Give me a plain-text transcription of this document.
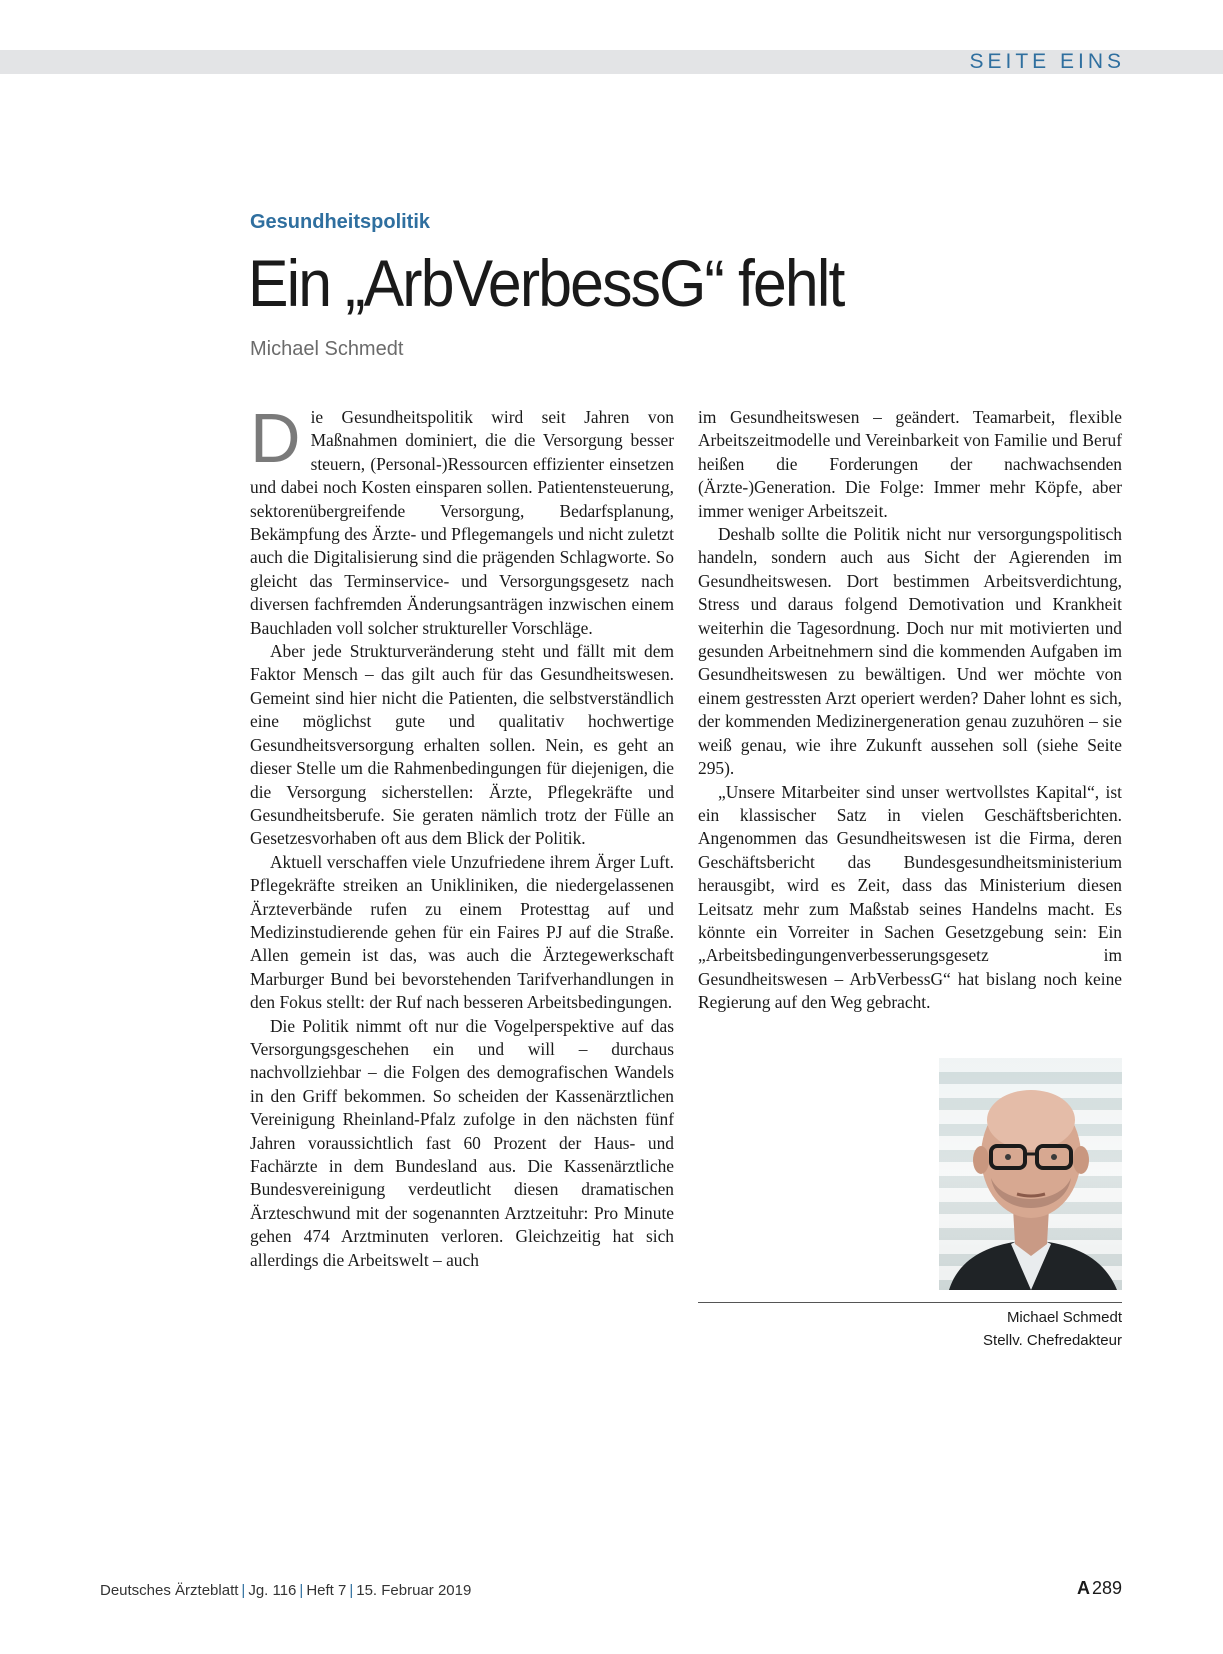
SEITE EINS
Gesundheitspolitik
Ein „ArbVerbessG“ fehlt
Michael Schmedt

Die Gesundheitspolitik wird seit Jahren von Maßnahmen dominiert, die die Versorgung besser steuern, (Personal-)Ressourcen effizienter einsetzen und dabei noch Kosten einsparen sollen. Patientensteuerung, sektorenübergreifende Versorgung, Bedarfsplanung, Bekämpfung des Ärzte- und Pflegemangels und nicht zuletzt auch die Digitalisierung sind die prägenden Schlagworte. So gleicht das Terminservice- und Versorgungsgesetz nach diversen fachfremden Änderungsanträgen inzwischen einem Bauchladen voll solcher struktureller Vorschläge.

Aber jede Strukturveränderung steht und fällt mit dem Faktor Mensch – das gilt auch für das Gesundheitswesen. Gemeint sind hier nicht die Patienten, die selbstverständlich eine möglichst gute und qualitativ hochwertige Gesundheitsversorgung erhalten sollen. Nein, es geht an dieser Stelle um die Rahmenbedingungen für diejenigen, die die Versorgung sicherstellen: Ärzte, Pflegekräfte und Gesundheitsberufe. Sie geraten nämlich trotz der Fülle an Gesetzesvorhaben oft aus dem Blick der Politik.

Aktuell verschaffen viele Unzufriedene ihrem Ärger Luft. Pflegekräfte streiken an Unikliniken, die niedergelassenen Ärzteverbände rufen zu einem Protesttag auf und Medizinstudierende gehen für ein Faires PJ auf die Straße. Allen gemein ist das, was auch die Ärztegewerkschaft Marburger Bund bei bevorstehenden Tarifverhandlungen in den Fokus stellt: der Ruf nach besseren Arbeitsbedingungen.

Die Politik nimmt oft nur die Vogelperspektive auf das Versorgungsgeschehen ein und will – durchaus nachvollziehbar – die Folgen des demografischen Wandels in den Griff bekommen. So scheiden der Kassenärztlichen Vereinigung Rheinland-Pfalz zufolge in den nächsten fünf Jahren voraussichtlich fast 60 Prozent der Haus- und Fachärzte in dem Bundesland aus. Die Kassenärztliche Bundesvereinigung verdeutlicht diesen dramatischen Ärzteschwund mit der sogenannten Arztzeituhr: Pro Minute gehen 474 Arztminuten verloren. Gleichzeitig hat sich allerdings die Arbeitswelt – auch

im Gesundheitswesen – geändert. Teamarbeit, flexible Arbeitszeitmodelle und Vereinbarkeit von Familie und Beruf heißen die Forderungen der nachwachsenden (Ärzte-)Generation. Die Folge: Immer mehr Köpfe, aber immer weniger Arbeitszeit.

Deshalb sollte die Politik nicht nur versorgungspolitisch handeln, sondern auch aus Sicht der Agierenden im Gesundheitswesen. Dort bestimmen Arbeitsverdichtung, Stress und daraus folgend Demotivation und Krankheit weiterhin die Tagesordnung. Doch nur mit motivierten und gesunden Arbeitnehmern sind die kommenden Aufgaben im Gesundheitswesen zu bewältigen. Und wer möchte von einem gestressten Arzt operiert werden? Daher lohnt es sich, der kommenden Medizinergeneration genau zuzuhören – sie weiß genau, wie ihre Zukunft aussehen soll (siehe Seite 295).

„Unsere Mitarbeiter sind unser wertvollstes Kapital“, ist ein klassischer Satz in vielen Geschäftsberichten. Angenommen das Gesundheitswesen ist die Firma, deren Geschäftsbericht das Bundesgesundheitsministerium herausgibt, wird es Zeit, dass das Ministerium diesen Leitsatz mehr zum Maßstab seines Handelns macht. Es könnte ein Vorreiter in Sachen Gesetzgebung sein: Ein „Arbeitsbedingungenverbesserungsgesetz im Gesundheitswesen – ArbVerbessG“ hat bislang noch keine Regierung auf den Weg gebracht.

Michael Schmedt
Stellv. Chefredakteur
Deutsches Ärzteblatt | Jg. 116 | Heft 7 | 15. Februar 2019	A 289
